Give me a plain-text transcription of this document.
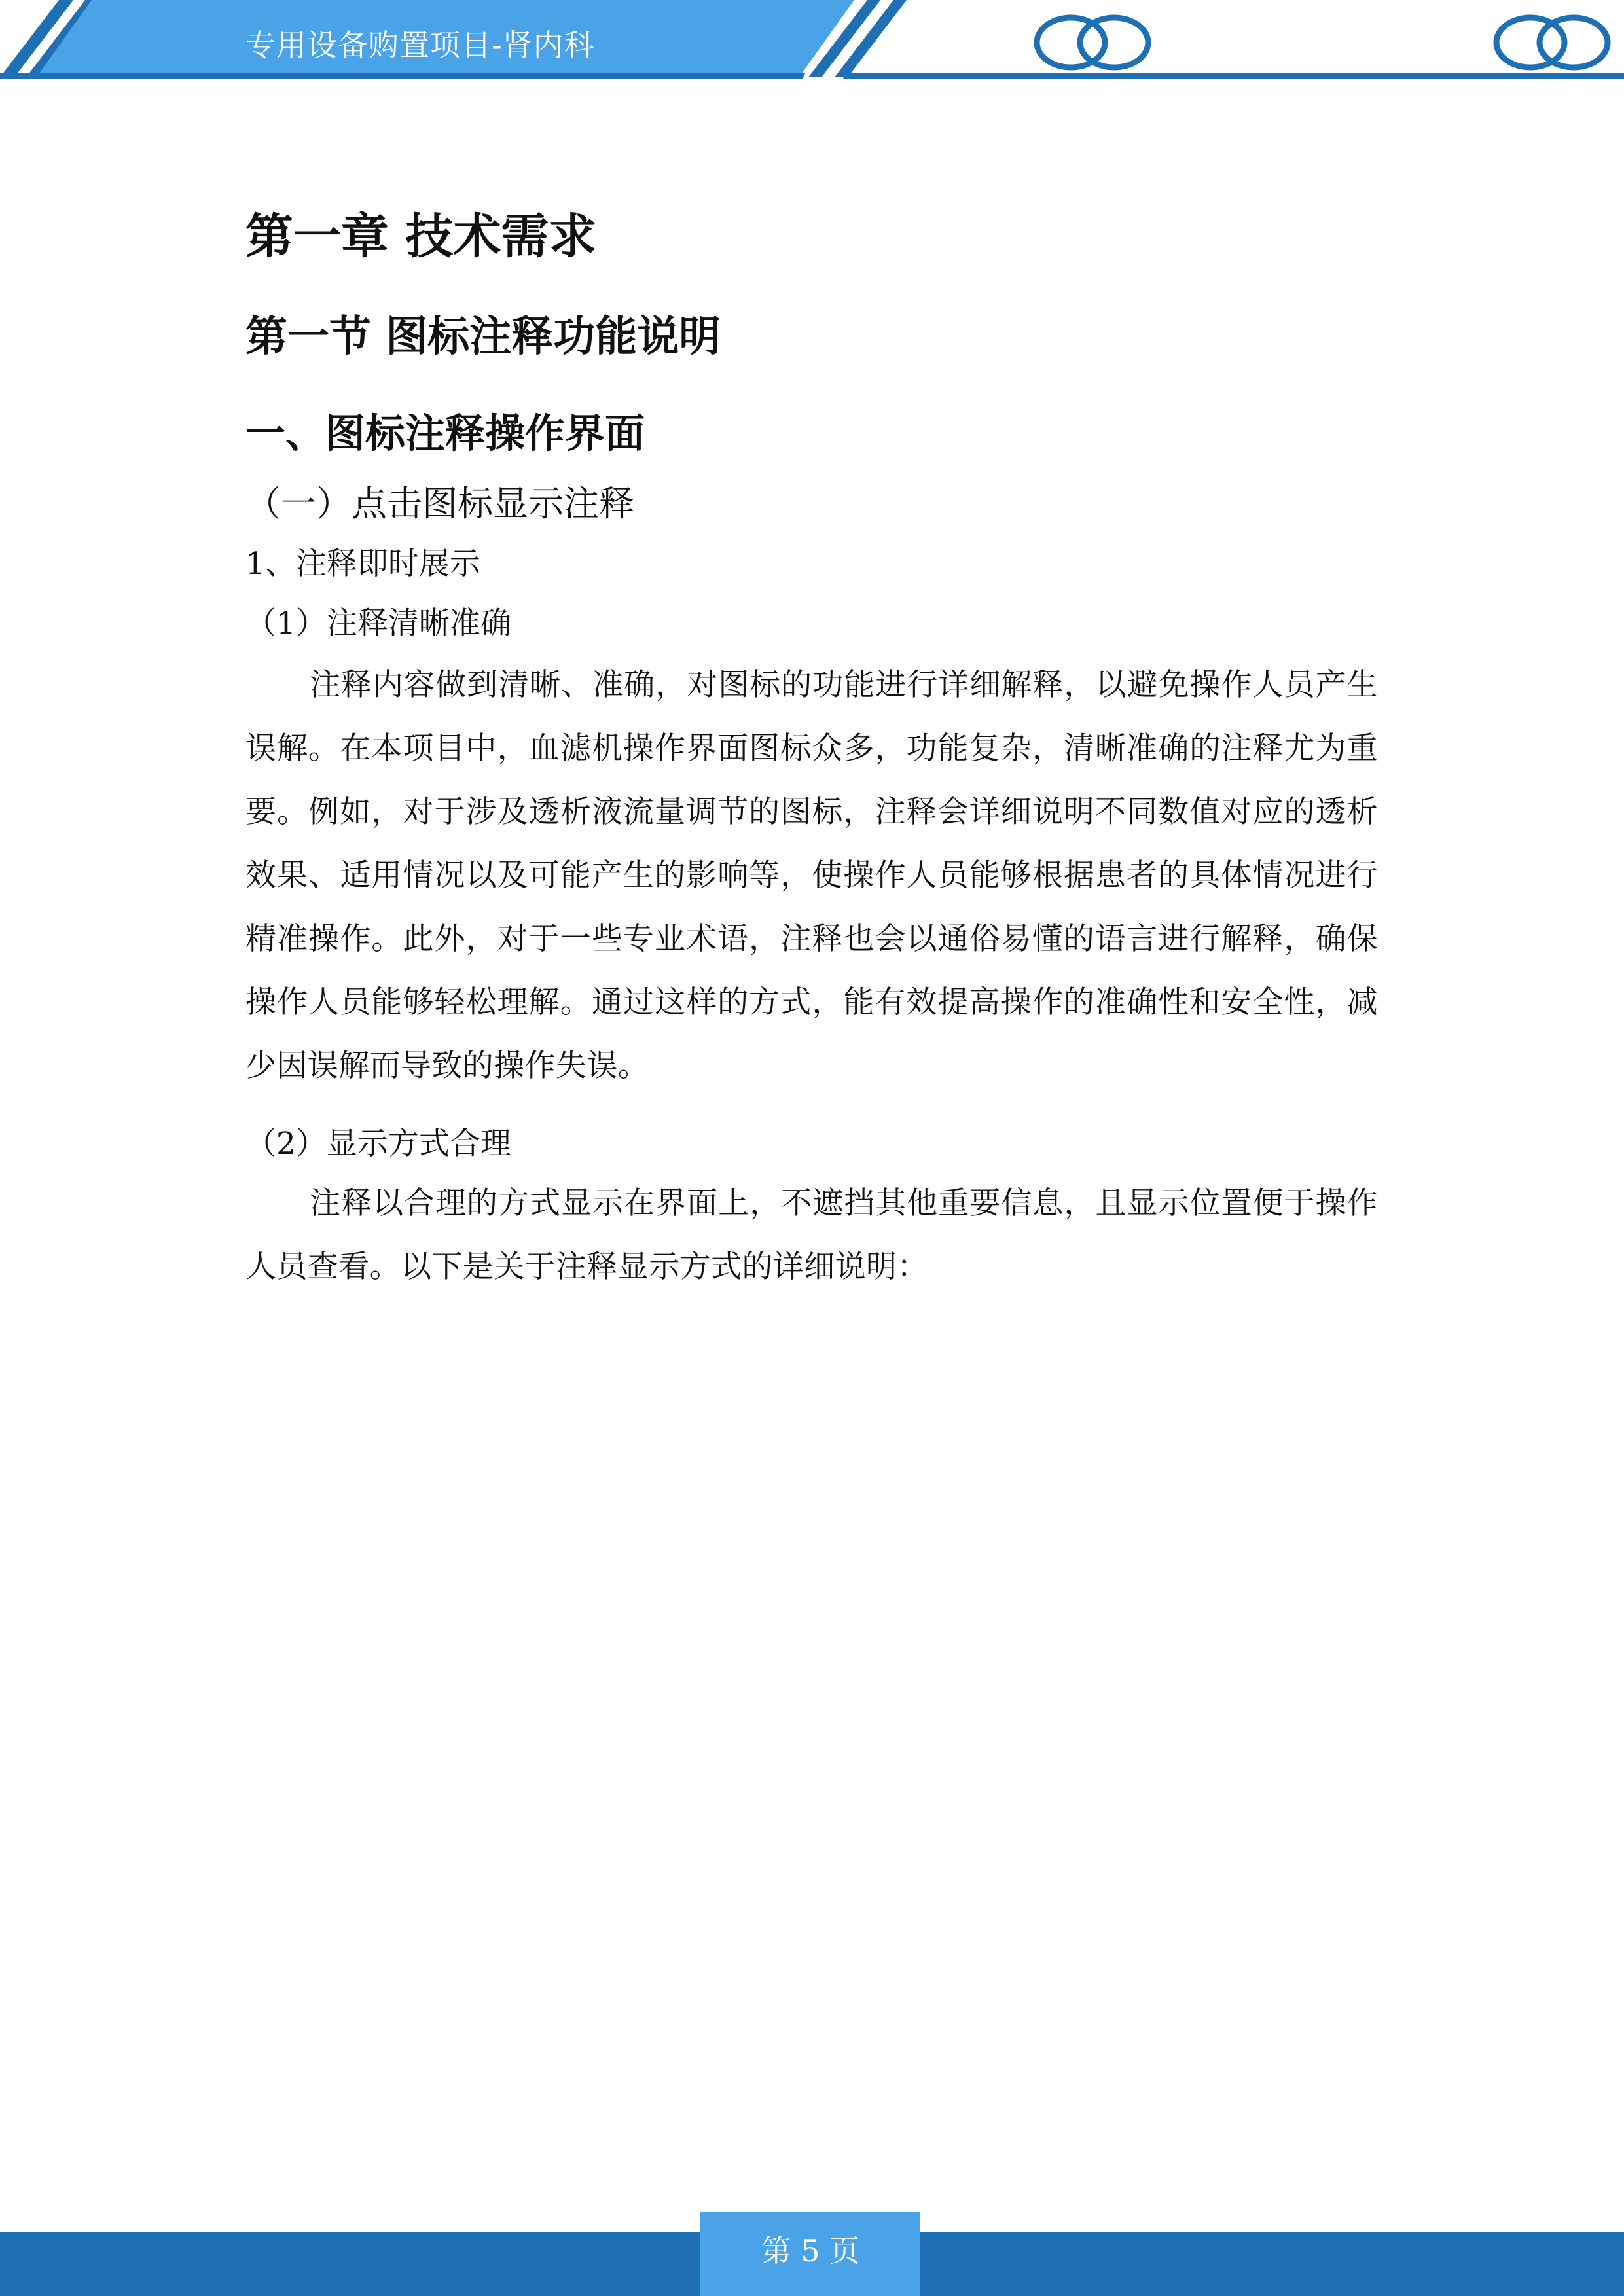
专用设备购置项目-肾内科
第一章 技术需求
第一节 图标注释功能说明
一、图标注释操作界面
（一）点击图标显示注释
1、注释即时展示
（1）注释清晰准确

注释内容做到清晰、准确，对图标的功能进行详细解释，以避免操作人员产生误解。在本项目中，血滤机操作界面图标众多，功能复杂，清晰准确的注释尤为重要。例如，对于涉及透析液流量调节的图标，注释会详细说明不同数值对应的透析效果、适用情况以及可能产生的影响等，使操作人员能够根据患者的具体情况进行精准操作。此外，对于一些专业术语，注释也会以通俗易懂的语言进行解释，确保操作人员能够轻松理解。通过这样的方式，能有效提高操作的准确性和安全性，减少因误解而导致的操作失误。

（2）显示方式合理

注释以合理的方式显示在界面上，不遮挡其他重要信息，且显示位置便于操作人员查看。以下是关于注释显示方式的详细说明：

第 5 页
